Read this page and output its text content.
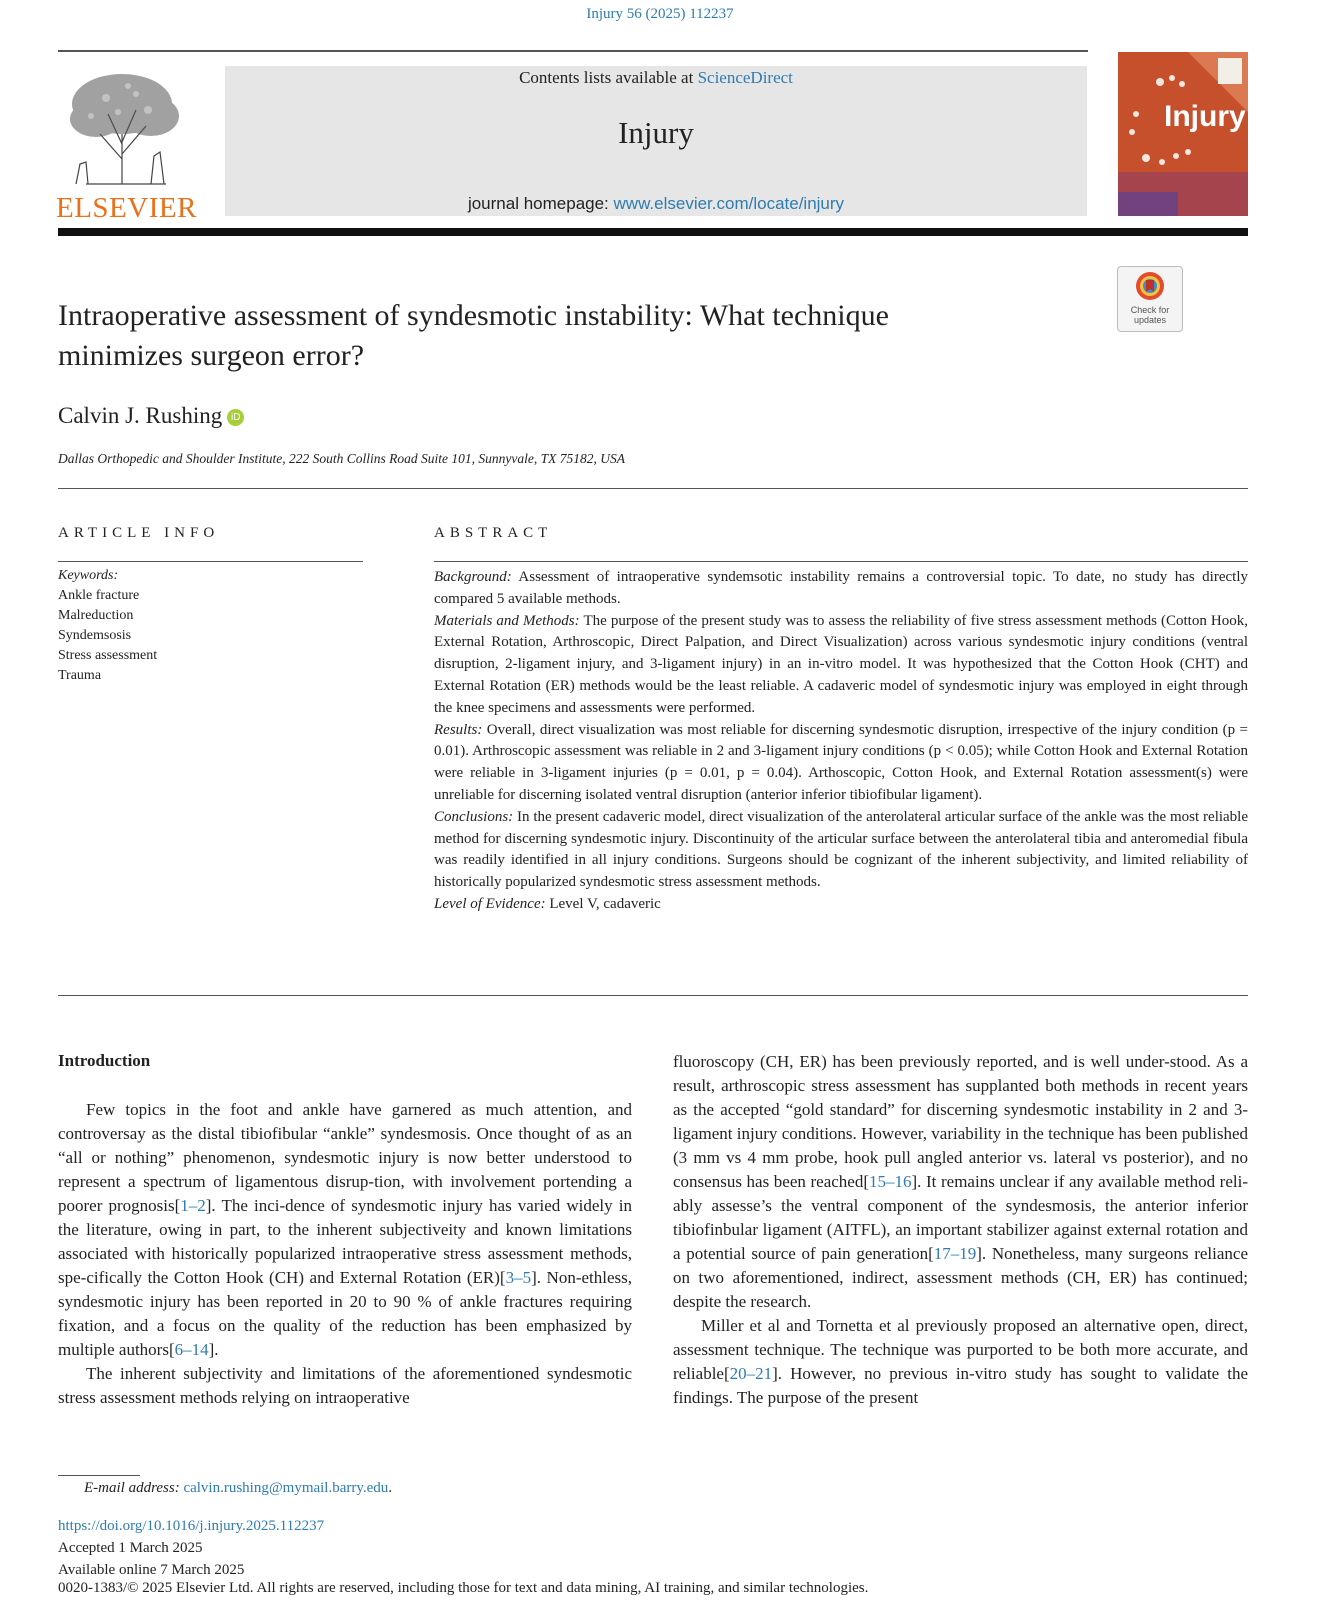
Injury 56 (2025) 112237
ELSEVIER
Contents lists available at ScienceDirect
Injury
journal homepage: www.elsevier.com/locate/injury
Injury
Check for updates
Intraoperative assessment of syndesmotic instability: What technique
minimizes surgeon error?
Calvin J. Rushing iD
Dallas Orthopedic and Shoulder Institute, 222 South Collins Road Suite 101, Sunnyvale, TX 75182, USA
ARTICLE INFO
Keywords:
Ankle fracture
Malreduction
Syndemsosis
Stress assessment
Trauma
ABSTRACT

Background: Assessment of intraoperative syndemsotic instability remains a controversial topic. To date, no study has directly compared 5 available methods.

Materials and Methods: The purpose of the present study was to assess the reliability of five stress assessment methods (Cotton Hook, External Rotation, Arthroscopic, Direct Palpation, and Direct Visualization) across various syndesmotic injury conditions (ventral disruption, 2-ligament injury, and 3-ligament injury) in an in-vitro model. It was hypothesized that the Cotton Hook (CHT) and External Rotation (ER) methods would be the least reliable. A cadaveric model of syndesmotic injury was employed in eight through the knee specimens and assessments were performed.

Results: Overall, direct visualization was most reliable for discerning syndesmotic disruption, irrespective of the injury condition (p = 0.01). Arthroscopic assessment was reliable in 2 and 3-ligament injury conditions (p < 0.05); while Cotton Hook and External Rotation were reliable in 3-ligament injuries (p = 0.01, p = 0.04). Arthoscopic, Cotton Hook, and External Rotation assessment(s) were unreliable for discerning isolated ventral disruption (anterior inferior tibiofibular ligament).

Conclusions: In the present cadaveric model, direct visualization of the anterolateral articular surface of the ankle was the most reliable method for discerning syndesmotic injury. Discontinuity of the articular surface between the anterolateral tibia and anteromedial fibula was readily identified in all injury conditions. Surgeons should be cognizant of the inherent subjectivity, and limited reliability of historically popularized syndesmotic stress assessment methods.

Level of Evidence: Level V, cadaveric

Introduction

Few topics in the foot and ankle have garnered as much attention, and controversay as the distal tibiofibular “ankle” syndesmosis. Once thought of as an “all or nothing” phenomenon, syndesmotic injury is now better understood to represent a spectrum of ligamentous disrup-tion, with involvement portending a poorer prognosis[1–2]. The inci-dence of syndesmotic injury has varied widely in the literature, owing in part, to the inherent subjectiveity and known limitations associated with historically popularized intraoperative stress assessment methods, spe-cifically the Cotton Hook (CH) and External Rotation (ER)[3–5]. Non-ethless, syndesmotic injury has been reported in 20 to 90 % of ankle fractures requiring fixation, and a focus on the quality of the reduction has been emphasized by multiple authors[6–14].

The inherent subjectivity and limitations of the aforementioned syndesmotic stress assessment methods relying on intraoperative

fluoroscopy (CH, ER) has been previously reported, and is well under-stood. As a result, arthroscopic stress assessment has supplanted both methods in recent years as the accepted “gold standard” for discerning syndesmotic instability in 2 and 3-ligament injury conditions. However, variability in the technique has been published (3 mm vs 4 mm probe, hook pull angled anterior vs. lateral vs posterior), and no consensus has been reached[15–16]. It remains unclear if any available method reli-ably assesse’s the ventral component of the syndesmosis, the anterior inferior tibiofinbular ligament (AITFL), an important stabilizer against external rotation and a potential source of pain generation[17–19]. Nonetheless, many surgeons reliance on two aforementioned, indirect, assessment methods (CH, ER) has continued; despite the research.

Miller et al and Tornetta et al previously proposed an alternative open, direct, assessment technique. The technique was purported to be both more accurate, and reliable[20–21]. However, no previous in-vitro study has sought to validate the findings. The purpose of the present

E-mail address: calvin.rushing@mymail.barry.edu.
https://doi.org/10.1016/j.injury.2025.112237
Accepted 1 March 2025
Available online 7 March 2025
0020-1383/© 2025 Elsevier Ltd. All rights are reserved, including those for text and data mining, AI training, and similar technologies.
